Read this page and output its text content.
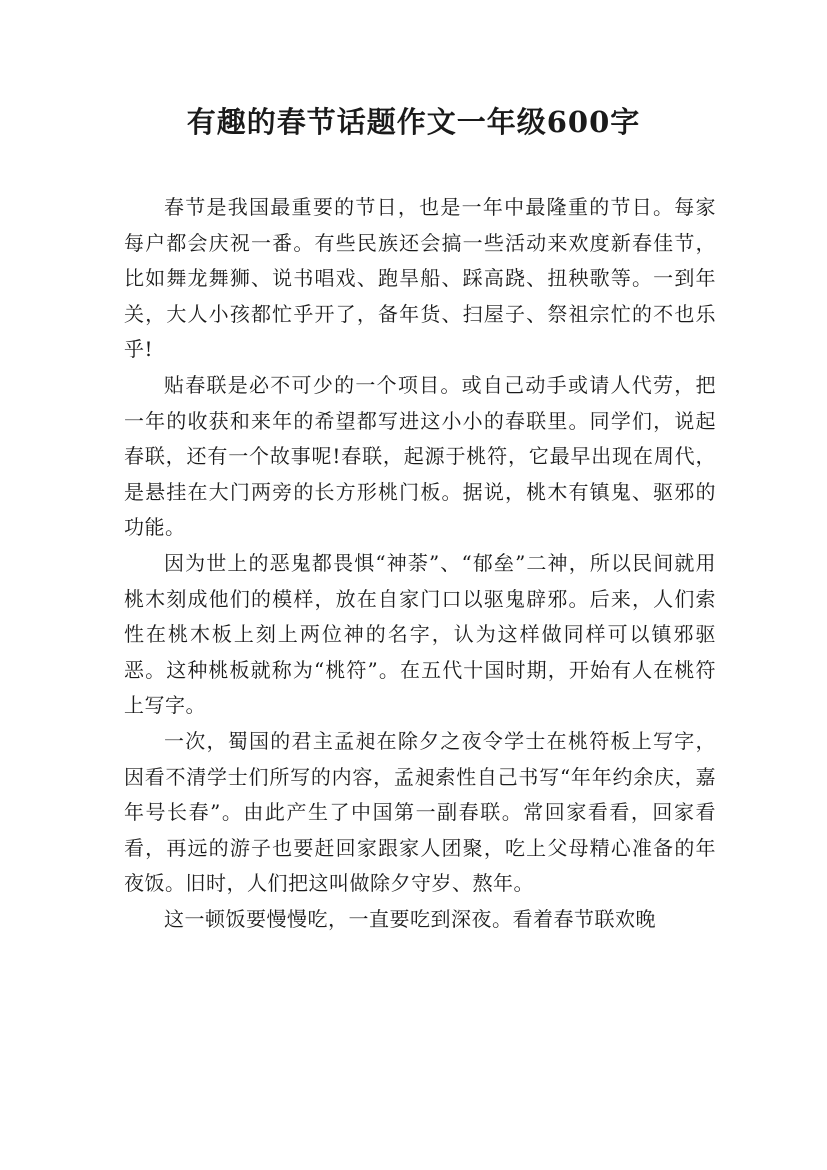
有趣的春节话题作文一年级600字

春节是我国最重要的节日，也是一年中最隆重的节日。每家每户都会庆祝一番。有些民族还会搞一些活动来欢度新春佳节，比如舞龙舞狮、说书唱戏、跑旱船、踩高跷、扭秧歌等。一到年关，大人小孩都忙乎开了，备年货、扫屋子、祭祖宗忙的不也乐乎!

贴春联是必不可少的一个项目。或自己动手或请人代劳，把一年的收获和来年的希望都写进这小小的春联里。同学们，说起春联，还有一个故事呢!春联，起源于桃符，它最早出现在周代，是悬挂在大门两旁的长方形桃门板。据说，桃木有镇鬼、驱邪的功能。

因为世上的恶鬼都畏惧“神荼”、“郁垒”二神，所以民间就用桃木刻成他们的模样，放在自家门口以驱鬼辟邪。后来，人们索性在桃木板上刻上两位神的名字，认为这样做同样可以镇邪驱恶。这种桃板就称为“桃符”。在五代十国时期，开始有人在桃符上写字。

一次，蜀国的君主孟昶在除夕之夜令学士在桃符板上写字，因看不清学士们所写的内容，孟昶索性自己书写“年年约余庆，嘉年号长春”。由此产生了中国第一副春联。常回家看看，回家看看，再远的游子也要赶回家跟家人团聚，吃上父母精心准备的年夜饭。旧时，人们把这叫做除夕守岁、熬年。

这一顿饭要慢慢吃，一直要吃到深夜。看着春节联欢晚
